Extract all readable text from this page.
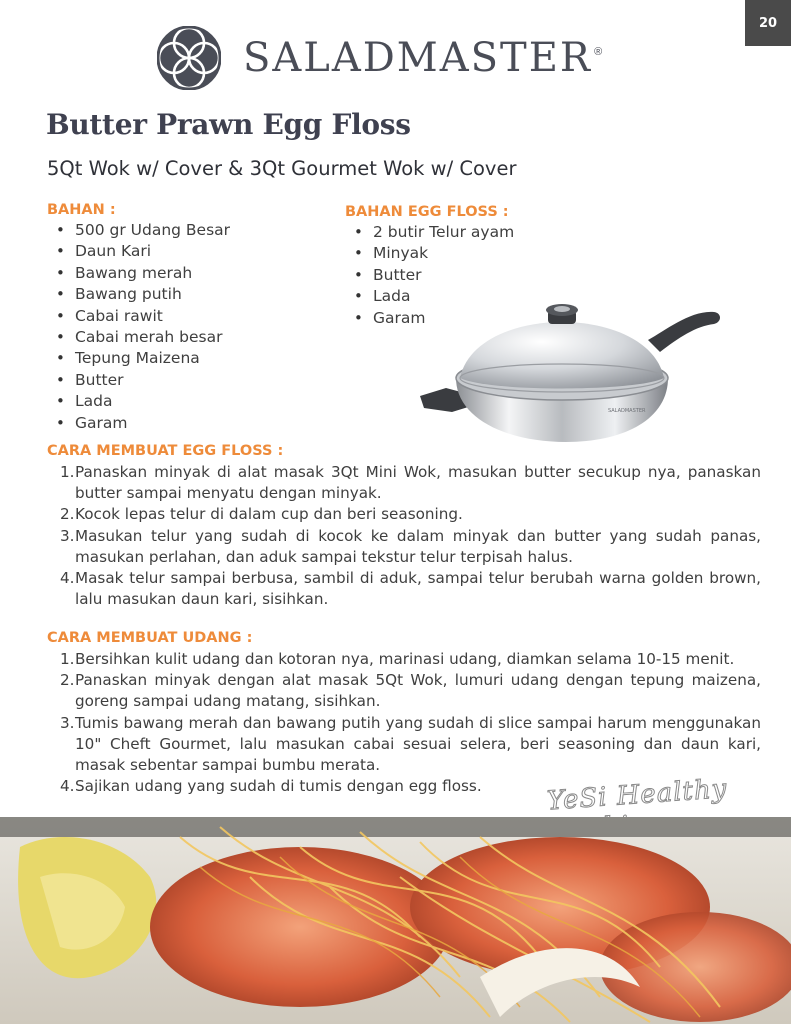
20
SALADMASTER ®
Butter Prawn Egg Floss
5Qt Wok w/ Cover & 3Qt Gourmet Wok w/ Cover
BAHAN :
• 500 gr Udang Besar
• Daun Kari
• Bawang merah
• Bawang putih
• Cabai rawit
• Cabai merah besar
• Tepung Maizena
• Butter
• Lada
• Garam
BAHAN EGG FLOSS :
• 2 butir Telur ayam
• Minyak
• Butter
• Lada
• Garam
SALADMASTER
CARA MEMBUAT EGG FLOSS :
1. Panaskan minyak di alat masak 3Qt Mini Wok, masukan butter secukup nya, panaskan butter sampai menyatu dengan minyak.
2. Kocok lepas telur di dalam cup dan beri seasoning.
3. Masukan telur yang sudah di kocok ke dalam minyak dan butter yang sudah panas, masukan perlahan, dan aduk sampai tekstur telur terpisah halus.
4. Masak telur sampai berbusa, sambil di aduk, sampai telur berubah warna golden brown, lalu masukan daun kari, sisihkan.
CARA MEMBUAT UDANG :
1. Bersihkan kulit udang dan kotoran nya, marinasi udang, diamkan selama 10-15 menit.
2. Panaskan minyak dengan alat masak 5Qt Wok, lumuri udang dengan tepung maizena, goreng sampai udang matang, sisihkan.
3. Tumis bawang merah dan bawang putih yang sudah di slice sampai harum menggunakan 10" Cheft Gourmet, lalu masukan cabai sesuai selera, beri seasoning dan daun kari, masak sebentar sampai bumbu merata.
4. Sajikan udang yang sudah di tumis dengan egg floss.	YeSi Healthy
